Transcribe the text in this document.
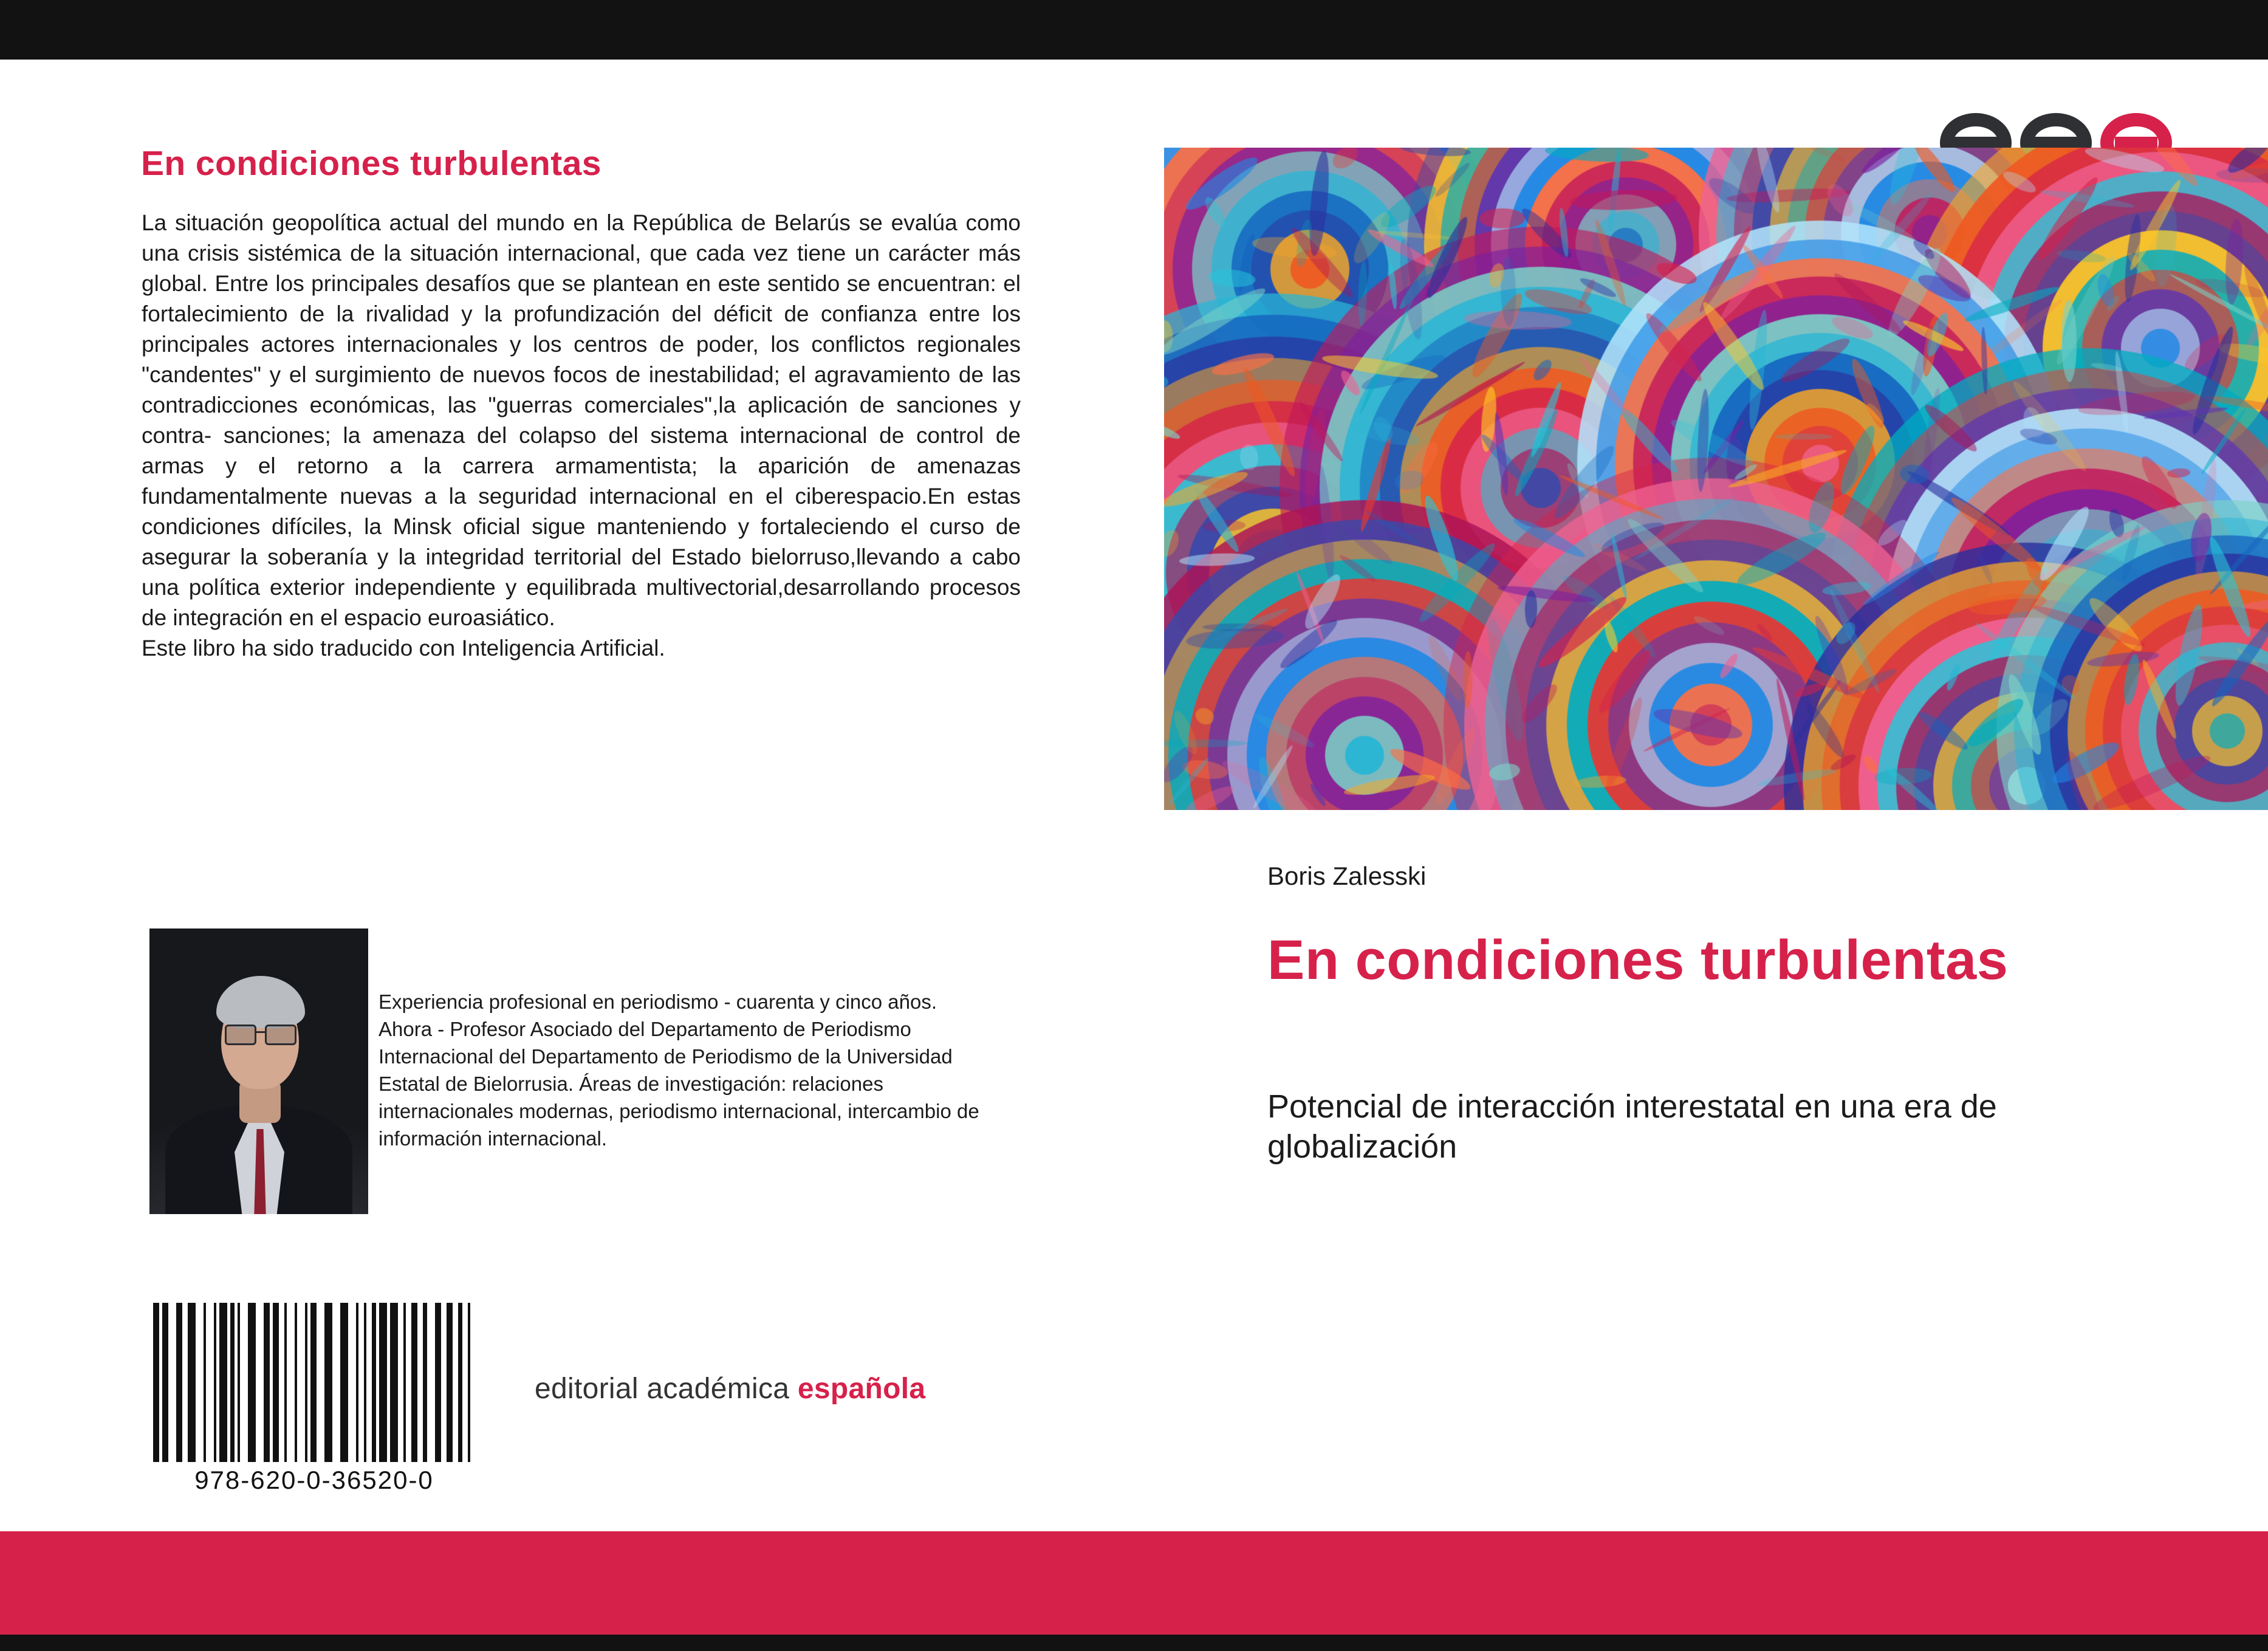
En condiciones turbulentas
La situación geopolítica actual del mundo en la República de Belarús se evalúa como una crisis sistémica de la situación internacional, que cada vez tiene un carácter más global. Entre los principales desafíos que se plantean en este sentido se encuentran: el fortalecimiento de la rivalidad y la profundización del déficit de confianza entre los principales actores internacionales y los centros de poder, los conflictos regionales "candentes" y el surgimiento de nuevos focos de inestabilidad; el agravamiento de las contradicciones económicas, las "guerras comerciales",la aplicación de sanciones y contra- sanciones; la amenaza del colapso del sistema internacional de control de armas y el retorno a la carrera armamentista; la aparición de amenazas fundamentalmente nuevas a la seguridad internacional en el ciberespacio.En estas condiciones difíciles, la Minsk oficial sigue manteniendo y fortaleciendo el curso de asegurar la soberanía y la integridad territorial del Estado bielorruso,llevando a cabo una política exterior independiente y equilibrada multivectorial,desarrollando procesos de integración en el espacio euroasiático.
Este libro ha sido traducido con Inteligencia Artificial.
Experiencia profesional en periodismo - cuarenta y cinco años. Ahora - Profesor Asociado del Departamento de Periodismo Internacional del Departamento de Periodismo de la Universidad Estatal de Bielorrusia. Áreas de investigación: relaciones internacionales modernas, periodismo internacional, intercambio de información internacional.
978-620-0-36520-0
editorial académica española
Boris Zalesski
En condiciones turbulentas
Potencial de interacción interestatal en una era de globalización
